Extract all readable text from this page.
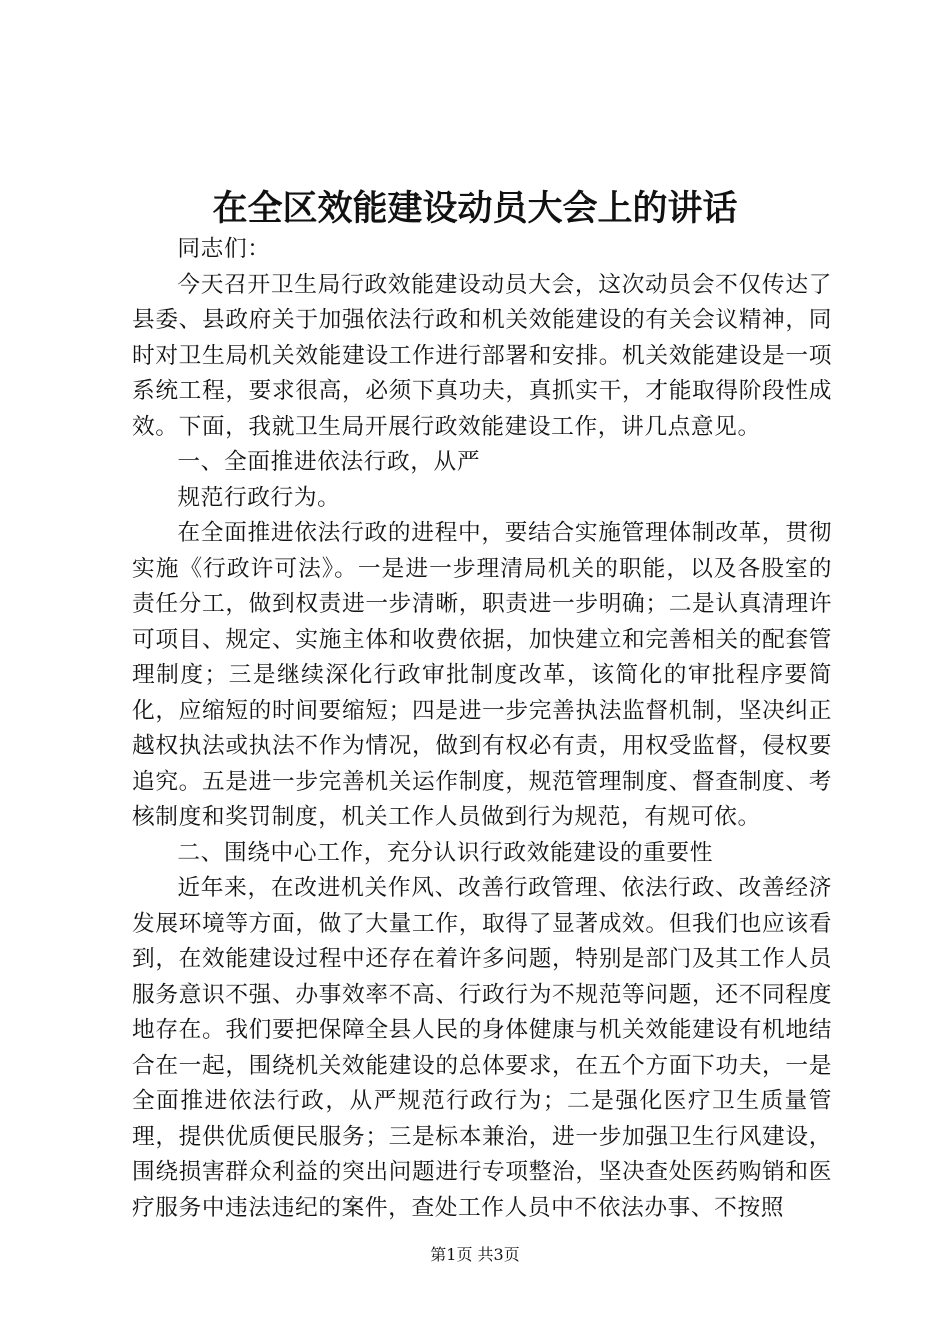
在全区效能建设动员大会上的讲话

同志们：

今天召开卫生局行政效能建设动员大会，这次动员会不仅传达了县委、县政府关于加强依法行政和机关效能建设的有关会议精神，同时对卫生局机关效能建设工作进行部署和安排。机关效能建设是一项系统工程，要求很高，必须下真功夫，真抓实干，才能取得阶段性成效。下面，我就卫生局开展行政效能建设工作，讲几点意见。

一、全面推进依法行政，从严

规范行政行为。

在全面推进依法行政的进程中，要结合实施管理体制改革，贯彻实施《行政许可法》。一是进一步理清局机关的职能，以及各股室的责任分工，做到权责进一步清晰，职责进一步明确；二是认真清理许可项目、规定、实施主体和收费依据，加快建立和完善相关的配套管理制度；三是继续深化行政审批制度改革，该简化的审批程序要简化，应缩短的时间要缩短；四是进一步完善执法监督机制，坚决纠正越权执法或执法不作为情况，做到有权必有责，用权受监督，侵权要追究。五是进一步完善机关运作制度，规范管理制度、督查制度、考核制度和奖罚制度，机关工作人员做到行为规范，有规可依。

二、围绕中心工作，充分认识行政效能建设的重要性

近年来，在改进机关作风、改善行政管理、依法行政、改善经济发展环境等方面，做了大量工作，取得了显著成效。但我们也应该看到，在效能建设过程中还存在着许多问题，特别是部门及其工作人员服务意识不强、办事效率不高、行政行为不规范等问题，还不同程度地存在。我们要把保障全县人民的身体健康与机关效能建设有机地结合在一起，围绕机关效能建设的总体要求，在五个方面下功夫，一是全面推进依法行政，从严规范行政行为；二是强化医疗卫生质量管理，提供优质便民服务；三是标本兼治，进一步加强卫生行风建设，围绕损害群众利益的突出问题进行专项整治，坚决查处医药购销和医疗服务中违法违纪的案件，查处工作人员中不依法办事、不按照

第1页 共3页
